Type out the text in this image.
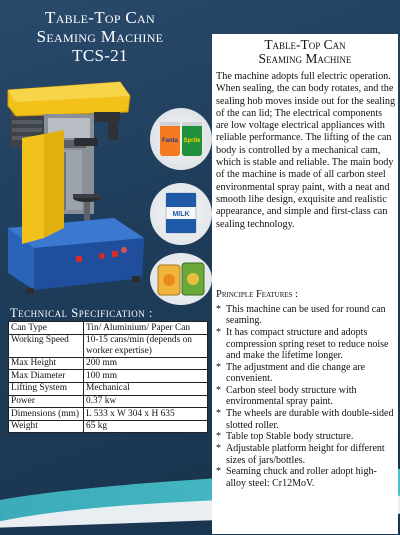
Table-Top Can
Seaming Machine
TCS-21
Fanta Sprite
MILK
Technical Specification :
Can Type	Tin/ Aluminium/ Paper Can
Working Speed	10-15 cans/min (depends on worker expertise)
Max Height	200 mm
Max Diameter	100 mm
Lifting System	Mechanical
Power	0.37 kw
Dimensions (mm)	L 533 x W 304 x H 635
Weight	65 kg
Table-Top Can
Seaming Machine
The machine adopts full electric operation. When sealing, the can body rotates, and the sealing hob moves inside out for the sealing of the can lid; The electrical components are low voltage electrical appliances with reliable performance. The lifting of the can body is controlled by a mechanical cam, which is stable and reliable. The main body of the machine is made of all carbon steel environmental spray paint, with a neat and smooth lihe design, exquisite and realistic appearance, and simple and first-class can sealing technology.
Principle Features :
* This machine can be used for round can seaming.
* It has compact structure and adopts compression spring reset to reduce noise and make the lifetime longer.
* The adjustment and die change are convenient.
* Carbon steel body structure with environmental spray paint.
* The wheels are durable with double-sided slotted roller.
* Table top Stable body structure.
* Adjustable platform height for different sizes of jars/bottles.
* Seaming chuck and roller adopt high-alloy steel: Cr12MoV.
